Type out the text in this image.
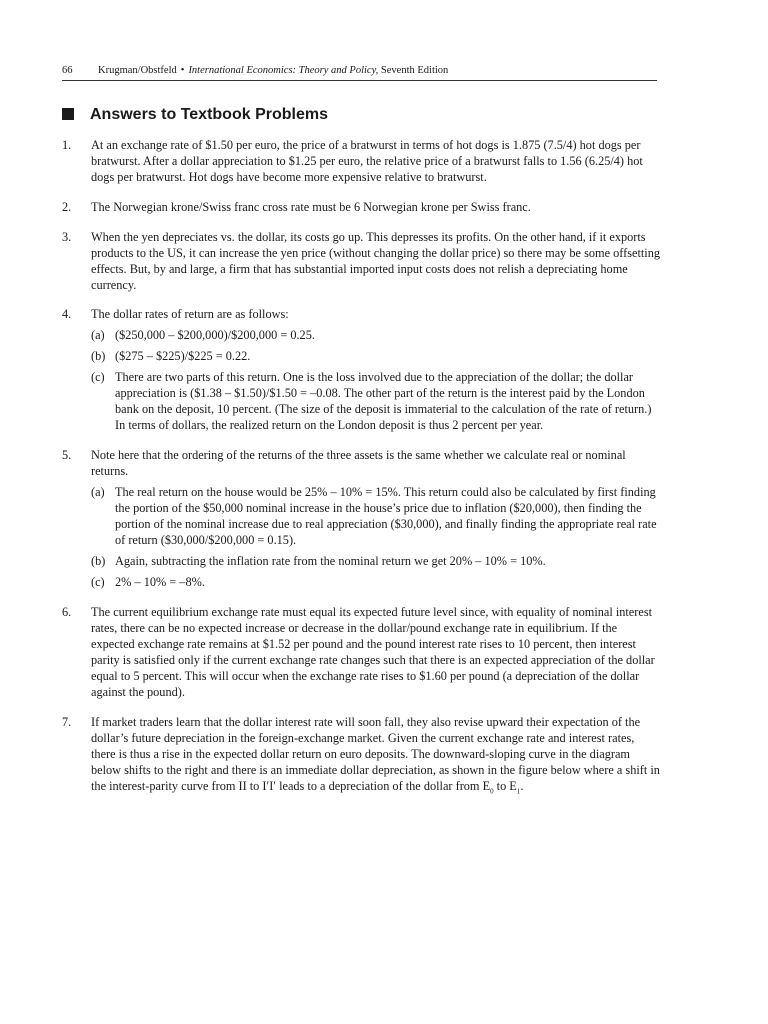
66 Krugman/Obstfeld • International Economics: Theory and Policy, Seventh Edition
Answers to Textbook Problems
1.	At an exchange rate of $1.50 per euro, the price of a bratwurst in terms of hot dogs is 1.875 (7.5/4) hot dogs per bratwurst. After a dollar appreciation to $1.25 per euro, the relative price of a bratwurst falls to 1.56 (6.25/4) hot dogs per bratwurst. Hot dogs have become more expensive relative to bratwurst.
2.	The Norwegian krone/Swiss franc cross rate must be 6 Norwegian krone per Swiss franc.
3.	When the yen depreciates vs. the dollar, its costs go up. This depresses its profits. On the other hand, if it exports products to the US, it can increase the yen price (without changing the dollar price) so there may be some offsetting effects. But, by and large, a firm that has substantial imported input costs does not relish a depreciating home currency.
4.	The dollar rates of return are as follows:
(a) ($250,000 – $200,000)/$200,000 = 0.25.
(b) ($275 – $225)/$225 = 0.22.
(c) There are two parts of this return. One is the loss involved due to the appreciation of the dollar; the dollar appreciation is ($1.38 – $1.50)/$1.50 = –0.08. The other part of the return is the interest paid by the London bank on the deposit, 10 percent. (The size of the deposit is immaterial to the calculation of the rate of return.) In terms of dollars, the realized return on the London deposit is thus 2 percent per year.
5.	Note here that the ordering of the returns of the three assets is the same whether we calculate real or nominal returns.
(a) The real return on the house would be 25% – 10% = 15%. This return could also be calculated by first finding the portion of the $50,000 nominal increase in the house’s price due to inflation ($20,000), then finding the portion of the nominal increase due to real appreciation ($30,000), and finally finding the appropriate real rate of return ($30,000/$200,000 = 0.15).
(b) Again, subtracting the inflation rate from the nominal return we get 20% – 10% = 10%.
(c) 2% – 10% = –8%.
6.	The current equilibrium exchange rate must equal its expected future level since, with equality of nominal interest rates, there can be no expected increase or decrease in the dollar/pound exchange rate in equilibrium. If the expected exchange rate remains at $1.52 per pound and the pound interest rate rises to 10 percent, then interest parity is satisfied only if the current exchange rate changes such that there is an expected appreciation of the dollar equal to 5 percent. This will occur when the exchange rate rises to $1.60 per pound (a depreciation of the dollar against the pound).
7.	If market traders learn that the dollar interest rate will soon fall, they also revise upward their expectation of the dollar’s future depreciation in the foreign-exchange market. Given the current exchange rate and interest rates, there is thus a rise in the expected dollar return on euro deposits. The downward-sloping curve in the diagram below shifts to the right and there is an immediate dollar depreciation, as shown in the figure below where a shift in the interest-parity curve from II to I′I′ leads to a depreciation of the dollar from $E_0$ to $E_1$.
